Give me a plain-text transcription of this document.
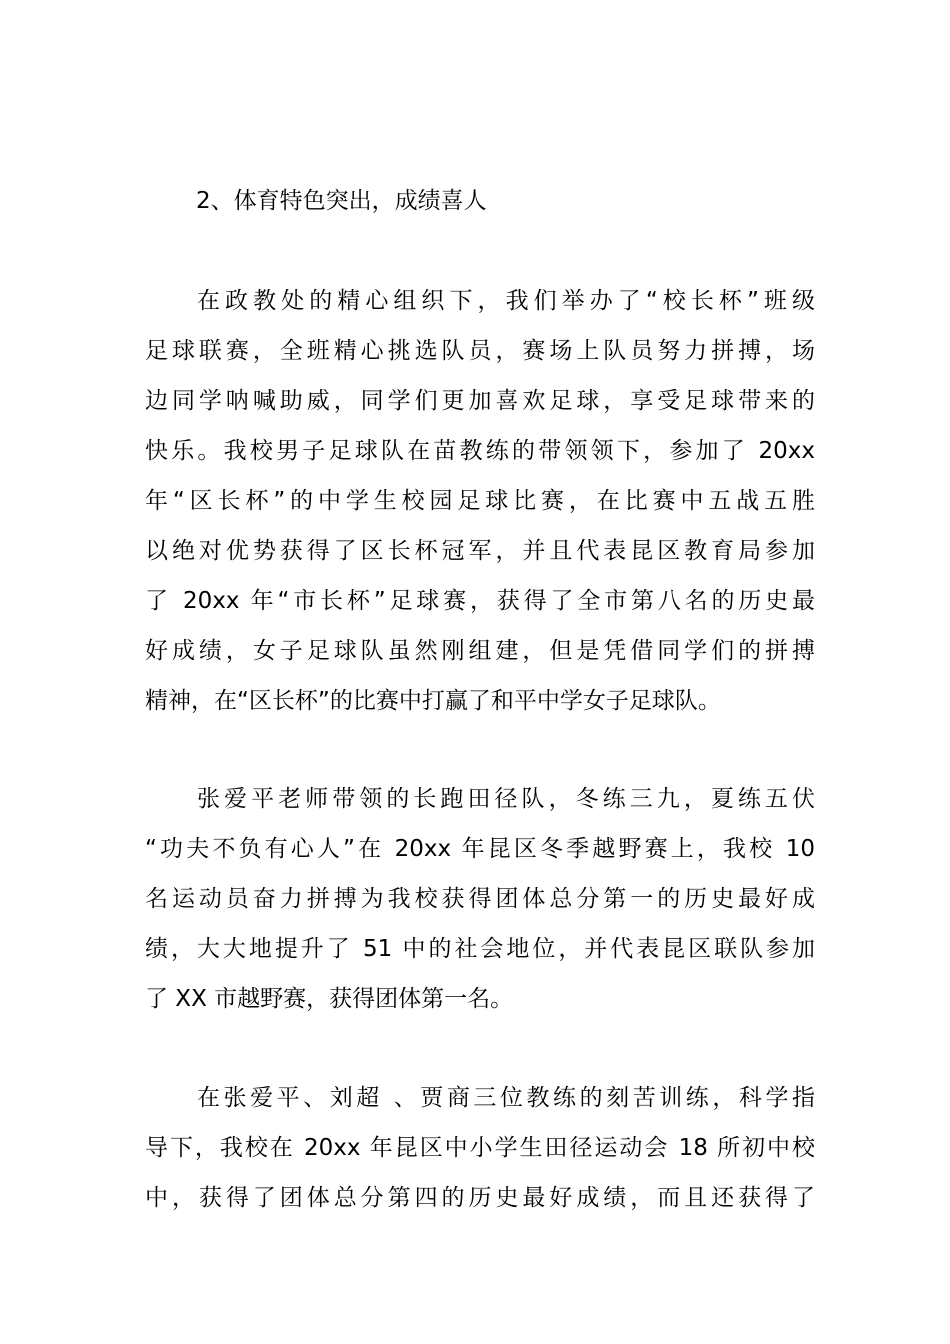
2、体育特色突出，成绩喜人
在政教处的精心组织下，我们举办了“校长杯”班级
足球联赛，全班精心挑选队员，赛场上队员努力拼搏，场
边同学呐喊助威，同学们更加喜欢足球，享受足球带来的
快乐。我校男子足球队在苗教练的带领领下，参加了 20xx
年“区长杯”的中学生校园足球比赛，在比赛中五战五胜
以绝对优势获得了区长杯冠军，并且代表昆区教育局参加
了 20xx 年“市长杯”足球赛，获得了全市第八名的历史最
好成绩，女子足球队虽然刚组建，但是凭借同学们的拼搏
精神，在“区长杯”的比赛中打赢了和平中学女子足球队。
张爱平老师带领的长跑田径队，冬练三九，夏练五伏
“功夫不负有心人”在 20xx 年昆区冬季越野赛上，我校 10
名运动员奋力拼搏为我校获得团体总分第一的历史最好成
绩，大大地提升了 51 中的社会地位，并代表昆区联队参加
了 XX 市越野赛，获得团体第一名。
在张爱平、刘超 、贾商三位教练的刻苦训练，科学指
导下，我校在 20xx 年昆区中小学生田径运动会 18 所初中校
中，获得了团体总分第四的历史最好成绩，而且还获得了
